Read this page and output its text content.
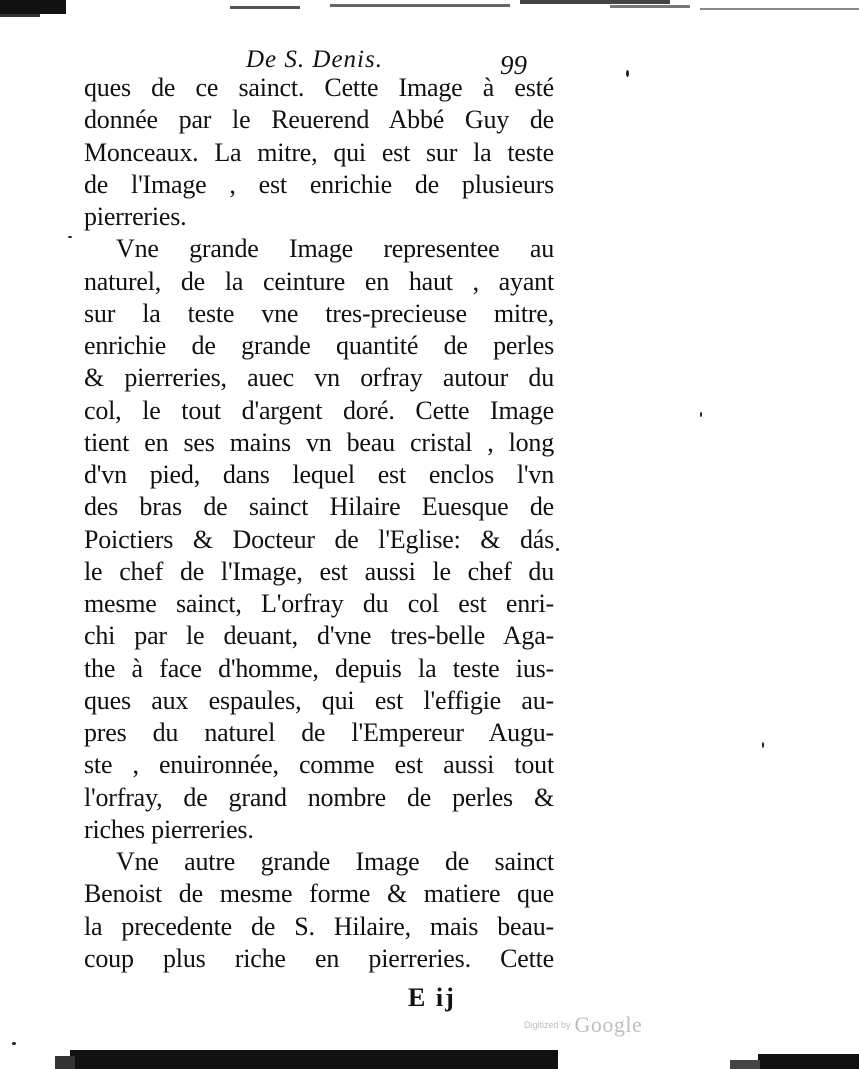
De S. Denis.	99
ques de ce sainct. Cette Image à esté
donnée par le Reuerend Abbé Guy de
Monceaux. La mitre, qui est sur la teste
de l'Image , est enrichie de plusieurs
pierreries.
Vne grande Image representee au
naturel, de la ceinture en haut , ayant
sur la teste vne tres-precieuse mitre,
enrichie de grande quantité de perles
& pierreries, auec vn orfray autour du
col, le tout d'argent doré. Cette Image
tient en ses mains vn beau cristal , long
d'vn pied, dans lequel est enclos l'vn
des bras de sainct Hilaire Euesque de
Poictiers & Docteur de l'Eglise: & dás
le chef de l'Image, est aussi le chef du
mesme sainct, L'orfray du col est enri-
chi par le deuant, d'vne tres-belle Aga-
the à face d'homme, depuis la teste ius-
ques aux espaules, qui est l'effigie au-
pres du naturel de l'Empereur Augu-
ste , enuironnée, comme est aussi tout
l'orfray, de grand nombre de perles &
riches pierreries.
Vne autre grande Image de sainct
Benoist de mesme forme & matiere que
la precedente de S. Hilaire, mais beau-
coup plus riche en pierreries. Cette
E ij
Digitized by Google
